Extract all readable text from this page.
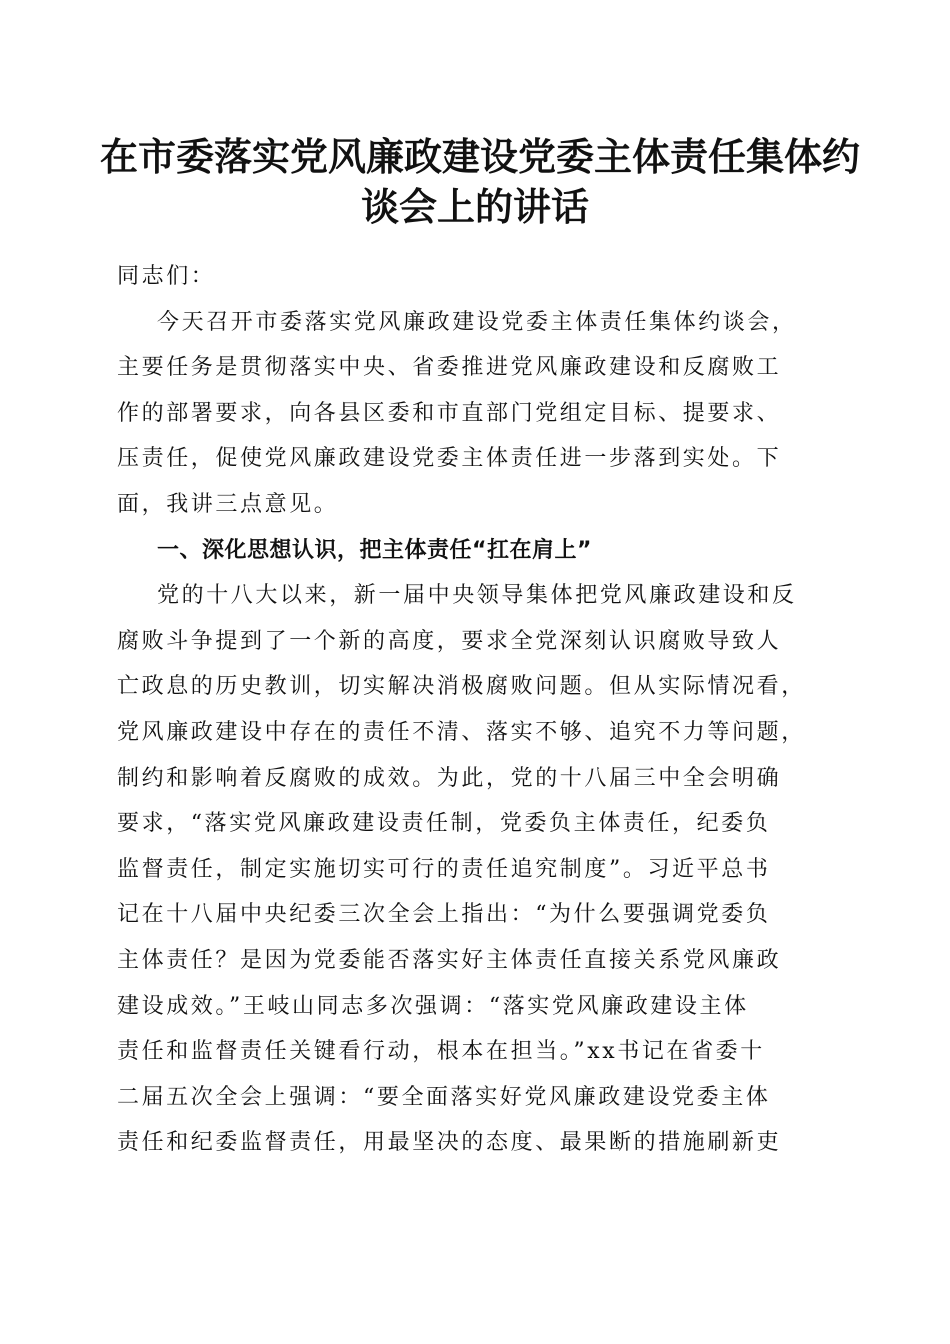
在市委落实党风廉政建设党委主体责任集体约
谈会上的讲话
同志们：
今天召开市委落实党风廉政建设党委主体责任集体约谈会，
主要任务是贯彻落实中央、省委推进党风廉政建设和反腐败工
作的部署要求，向各县区委和市直部门党组定目标、提要求、
压责任，促使党风廉政建设党委主体责任进一步落到实处。下
面，我讲三点意见。
一、深化思想认识，把主体责任“扛在肩上”
党的十八大以来，新一届中央领导集体把党风廉政建设和反
腐败斗争提到了一个新的高度，要求全党深刻认识腐败导致人
亡政息的历史教训，切实解决消极腐败问题。但从实际情况看，
党风廉政建设中存在的责任不清、落实不够、追究不力等问题，
制约和影响着反腐败的成效。为此，党的十八届三中全会明确
要求，“落实党风廉政建设责任制，党委负主体责任，纪委负
监督责任，制定实施切实可行的责任追究制度”。习近平总书
记在十八届中央纪委三次全会上指出：“为什么要强调党委负
主体责任？是因为党委能否落实好主体责任直接关系党风廉政
建设成效。”王岐山同志多次强调：“落实党风廉政建设主体
责任和监督责任关键看行动，根本在担当。”xx书记在省委十
二届五次全会上强调：“要全面落实好党风廉政建设党委主体
责任和纪委监督责任，用最坚决的态度、最果断的措施刷新吏
